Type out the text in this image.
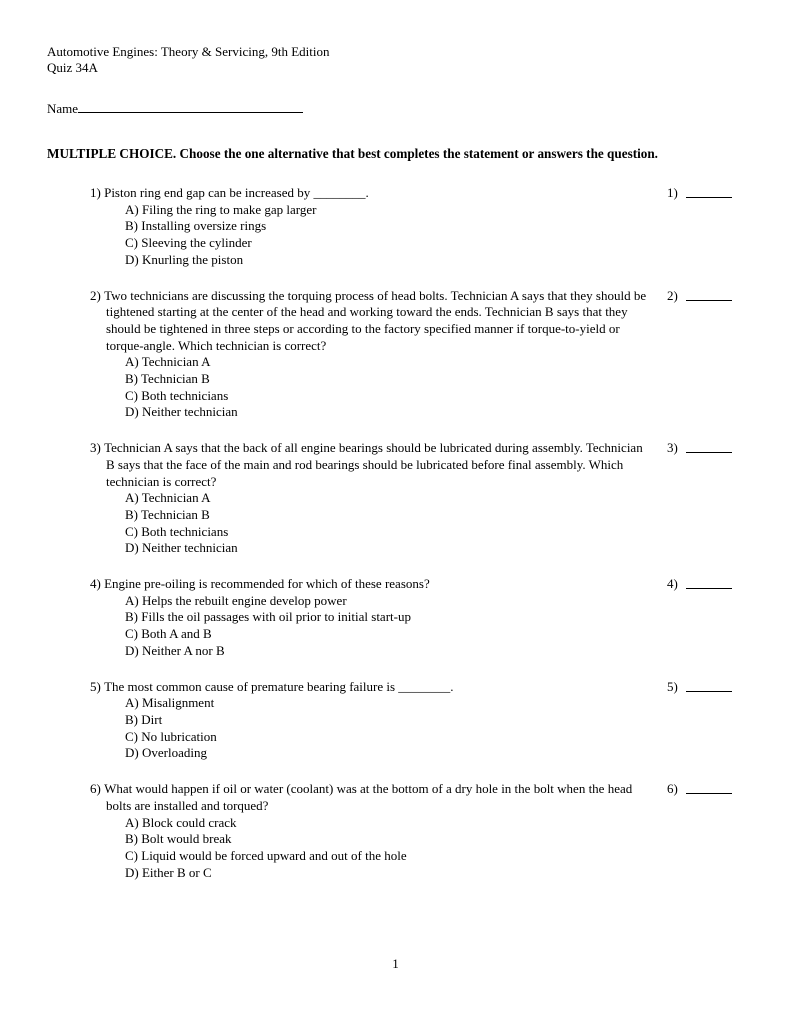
Automotive Engines: Theory & Servicing, 9th Edition
Quiz 34A
Name
MULTIPLE CHOICE. Choose the one alternative that best completes the statement or answers the question.
1) Piston ring end gap can be increased by ________.
A) Filing the ring to make gap larger
B) Installing oversize rings
C) Sleeving the cylinder
D) Knurling the piston
1)
2) Two technicians are discussing the torquing process of head bolts. Technician A says that they should be tightened starting at the center of the head and working toward the ends. Technician B says that they should be tightened in three steps or according to the factory specified manner if torque-to-yield or torque-angle. Which technician is correct?
A) Technician A
B) Technician B
C) Both technicians
D) Neither technician
2)
3) Technician A says that the back of all engine bearings should be lubricated during assembly. Technician B says that the face of the main and rod bearings should be lubricated before final assembly. Which technician is correct?
A) Technician A
B) Technician B
C) Both technicians
D) Neither technician
3)
4) Engine pre-oiling is recommended for which of these reasons?
A) Helps the rebuilt engine develop power
B) Fills the oil passages with oil prior to initial start-up
C) Both A and B
D) Neither A nor B
4)
5) The most common cause of premature bearing failure is ________.
A) Misalignment
B) Dirt
C) No lubrication
D) Overloading
5)
6) What would happen if oil or water (coolant) was at the bottom of a dry hole in the bolt when the head bolts are installed and torqued?
A) Block could crack
B) Bolt would break
C) Liquid would be forced upward and out of the hole
D) Either B or C
6)
1
